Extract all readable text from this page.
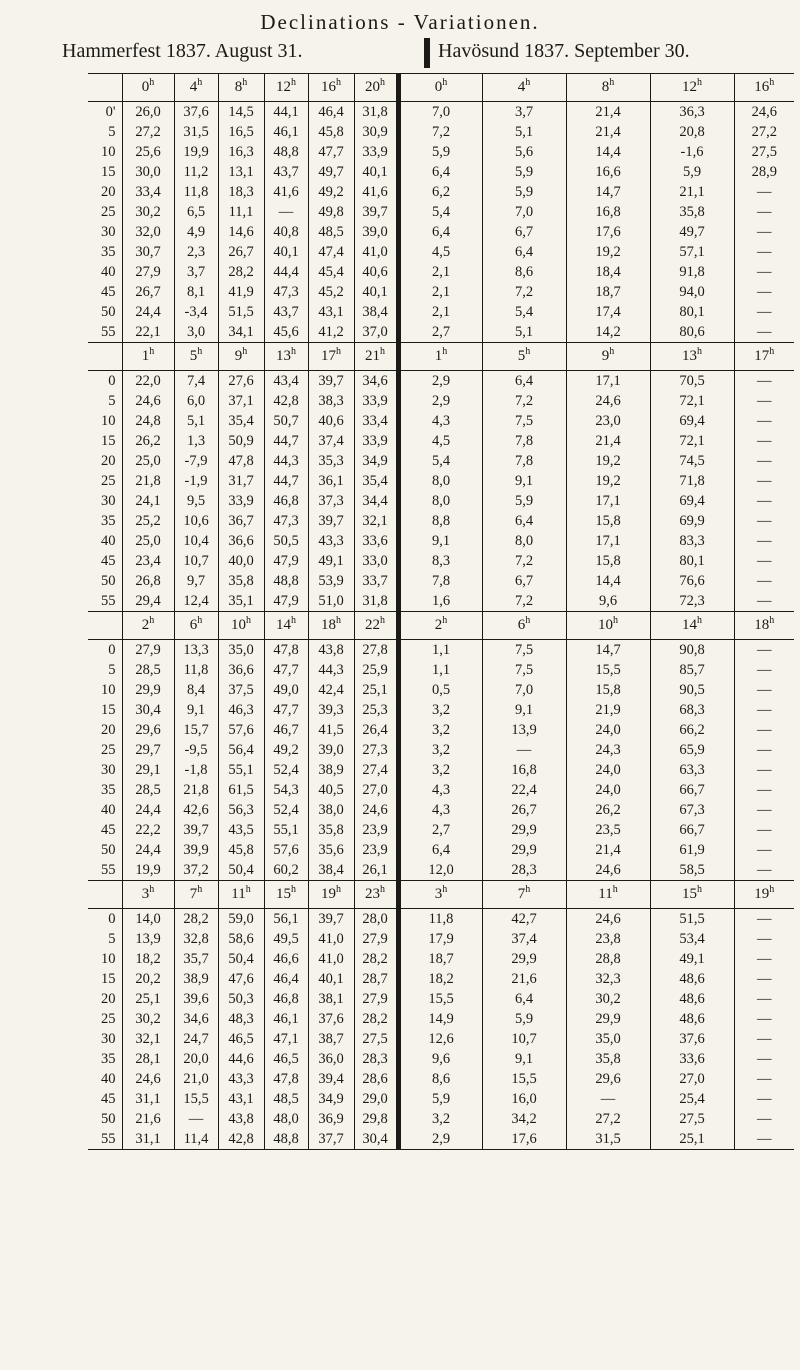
Declinations - Variationen.
Hammerfest 1837. August 31.	Havösund 1837. September 30.
	0$^h$	4$^h$	8$^h$	12$^h$	16$^h$	20$^h$	0$^h$	4$^h$	8$^h$	12$^h$	16$^h$
0'	26,0	37,6	14,5	44,1	46,4	31,8	7,0	3,7	21,4	36,3	24,6
5	27,2	31,5	16,5	46,1	45,8	30,9	7,2	5,1	21,4	20,8	27,2
10	25,6	19,9	16,3	48,8	47,7	33,9	5,9	5,6	14,4	-1,6	27,5
15	30,0	11,2	13,1	43,7	49,7	40,1	6,4	5,9	16,6	5,9	28,9
20	33,4	11,8	18,3	41,6	49,2	41,6	6,2	5,9	14,7	21,1	—
25	30,2	6,5	11,1	—	49,8	39,7	5,4	7,0	16,8	35,8	—
30	32,0	4,9	14,6	40,8	48,5	39,0	6,4	6,7	17,6	49,7	—
35	30,7	2,3	26,7	40,1	47,4	41,0	4,5	6,4	19,2	57,1	—
40	27,9	3,7	28,2	44,4	45,4	40,6	2,1	8,6	18,4	91,8	—
45	26,7	8,1	41,9	47,3	45,2	40,1	2,1	7,2	18,7	94,0	—
50	24,4	-3,4	51,5	43,7	43,1	38,4	2,1	5,4	17,4	80,1	—
55	22,1	3,0	34,1	45,6	41,2	37,0	2,7	5,1	14,2	80,6	—
	1$^h$	5$^h$	9$^h$	13$^h$	17$^h$	21$^h$	1$^h$	5$^h$	9$^h$	13$^h$	17$^h$
0	22,0	7,4	27,6	43,4	39,7	34,6	2,9	6,4	17,1	70,5	—
5	24,6	6,0	37,1	42,8	38,3	33,9	2,9	7,2	24,6	72,1	—
10	24,8	5,1	35,4	50,7	40,6	33,4	4,3	7,5	23,0	69,4	—
15	26,2	1,3	50,9	44,7	37,4	33,9	4,5	7,8	21,4	72,1	—
20	25,0	-7,9	47,8	44,3	35,3	34,9	5,4	7,8	19,2	74,5	—
25	21,8	-1,9	31,7	44,7	36,1	35,4	8,0	9,1	19,2	71,8	—
30	24,1	9,5	33,9	46,8	37,3	34,4	8,0	5,9	17,1	69,4	—
35	25,2	10,6	36,7	47,3	39,7	32,1	8,8	6,4	15,8	69,9	—
40	25,0	10,4	36,6	50,5	43,3	33,6	9,1	8,0	17,1	83,3	—
45	23,4	10,7	40,0	47,9	49,1	33,0	8,3	7,2	15,8	80,1	—
50	26,8	9,7	35,8	48,8	53,9	33,7	7,8	6,7	14,4	76,6	—
55	29,4	12,4	35,1	47,9	51,0	31,8	1,6	7,2	9,6	72,3	—
	2$^h$	6$^h$	10$^h$	14$^h$	18$^h$	22$^h$	2$^h$	6$^h$	10$^h$	14$^h$	18$^h$
0	27,9	13,3	35,0	47,8	43,8	27,8	1,1	7,5	14,7	90,8	—
5	28,5	11,8	36,6	47,7	44,3	25,9	1,1	7,5	15,5	85,7	—
10	29,9	8,4	37,5	49,0	42,4	25,1	0,5	7,0	15,8	90,5	—
15	30,4	9,1	46,3	47,7	39,3	25,3	3,2	9,1	21,9	68,3	—
20	29,6	15,7	57,6	46,7	41,5	26,4	3,2	13,9	24,0	66,2	—
25	29,7	-9,5	56,4	49,2	39,0	27,3	3,2	—	24,3	65,9	—
30	29,1	-1,8	55,1	52,4	38,9	27,4	3,2	16,8	24,0	63,3	—
35	28,5	21,8	61,5	54,3	40,5	27,0	4,3	22,4	24,0	66,7	—
40	24,4	42,6	56,3	52,4	38,0	24,6	4,3	26,7	26,2	67,3	—
45	22,2	39,7	43,5	55,1	35,8	23,9	2,7	29,9	23,5	66,7	—
50	24,4	39,9	45,8	57,6	35,6	23,9	6,4	29,9	21,4	61,9	—
55	19,9	37,2	50,4	60,2	38,4	26,1	12,0	28,3	24,6	58,5	—
	3$^h$	7$^h$	11$^h$	15$^h$	19$^h$	23$^h$	3$^h$	7$^h$	11$^h$	15$^h$	19$^h$
0	14,0	28,2	59,0	56,1	39,7	28,0	11,8	42,7	24,6	51,5	—
5	13,9	32,8	58,6	49,5	41,0	27,9	17,9	37,4	23,8	53,4	—
10	18,2	35,7	50,4	46,6	41,0	28,2	18,7	29,9	28,8	49,1	—
15	20,2	38,9	47,6	46,4	40,1	28,7	18,2	21,6	32,3	48,6	—
20	25,1	39,6	50,3	46,8	38,1	27,9	15,5	6,4	30,2	48,6	—
25	30,2	34,6	48,3	46,1	37,6	28,2	14,9	5,9	29,9	48,6	—
30	32,1	24,7	46,5	47,1	38,7	27,5	12,6	10,7	35,0	37,6	—
35	28,1	20,0	44,6	46,5	36,0	28,3	9,6	9,1	35,8	33,6	—
40	24,6	21,0	43,3	47,8	39,4	28,6	8,6	15,5	29,6	27,0	—
45	31,1	15,5	43,1	48,5	34,9	29,0	5,9	16,0	—	25,4	—
50	21,6	—	43,8	48,0	36,9	29,8	3,2	34,2	27,2	27,5	—
55	31,1	11,4	42,8	48,8	37,7	30,4	2,9	17,6	31,5	25,1	—
